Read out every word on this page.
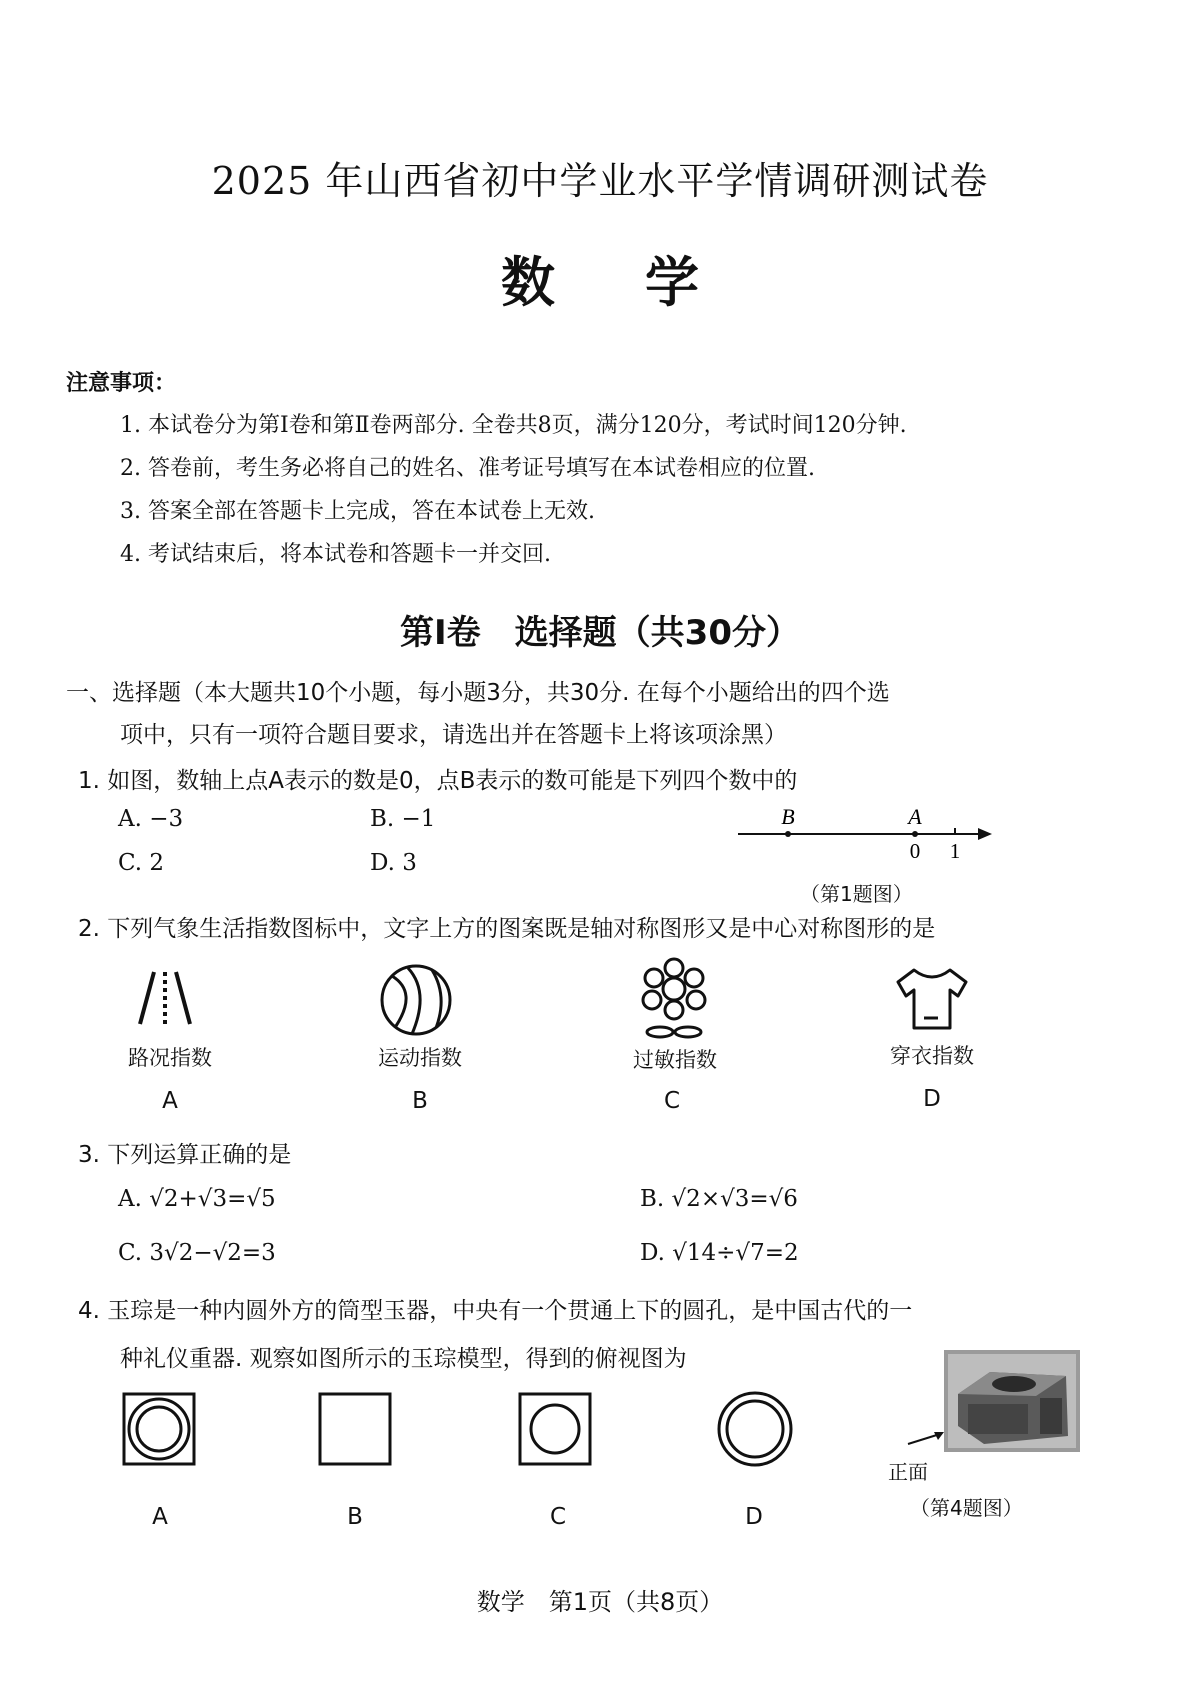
2025 年山西省初中学业水平学情调研测试卷
数学
注意事项：
1. 本试卷分为第Ⅰ卷和第Ⅱ卷两部分. 全卷共8页，满分120分，考试时间120分钟.
2. 答卷前，考生务必将自己的姓名、准考证号填写在本试卷相应的位置.
3. 答案全部在答题卡上完成，答在本试卷上无效.
4. 考试结束后，将本试卷和答题卡一并交回.
第Ⅰ卷　选择题（共30分）
一、选择题（本大题共10个小题，每小题3分，共30分. 在每个小题给出的四个选
项中，只有一项符合题目要求，请选出并在答题卡上将该项涂黑）
1. 如图，数轴上点A表示的数是0，点B表示的数可能是下列四个数中的
A. −3	B. −1
C. 2	D. 3
B	A
0 1
（第1题图）
2. 下列气象生活指数图标中，文字上方的图案既是轴对称图形又是中心对称图形的是
路况指数
A
运动指数
B
过敏指数
C
穿衣指数
D
3. 下列运算正确的是
A. √2+√3=√5	B. √2×√3=√6
C. 3√2−√2=3	D. √14÷√7=2
4. 玉琮是一种内圆外方的筒型玉器，中央有一个贯通上下的圆孔，是中国古代的一
种礼仪重器. 观察如图所示的玉琮模型，得到的俯视图为
A	B	C	D
正面
（第4题图）
数学　第1页（共8页）
